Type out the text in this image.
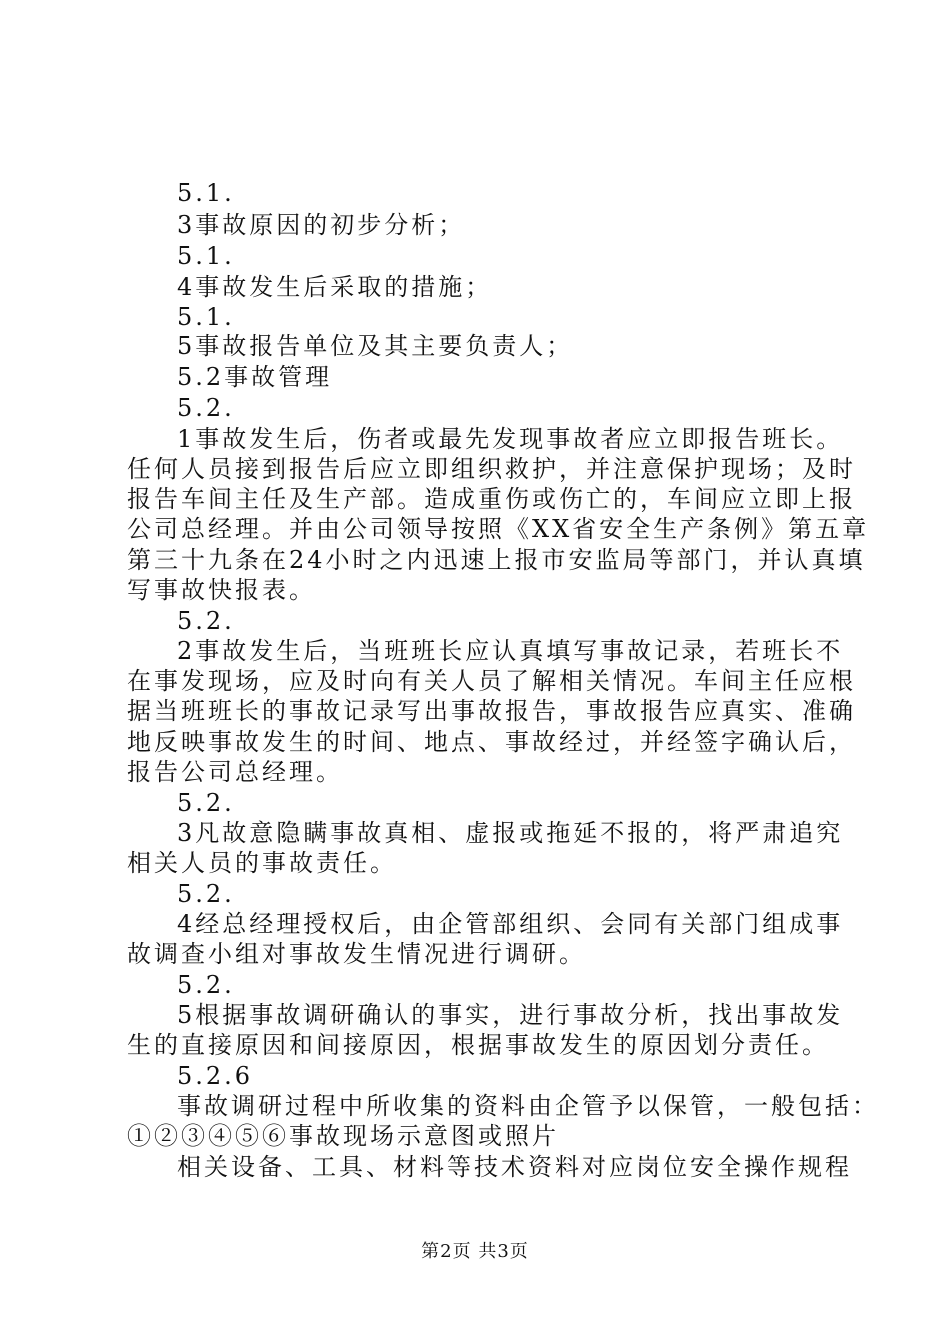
5.1.
3事故原因的初步分析；
5.1.
4事故发生后采取的措施；
5.1.
5事故报告单位及其主要负责人；
5.2事故管理
5.2.
1事故发生后，伤者或最先发现事故者应立即报告班长。
任何人员接到报告后应立即组织救护，并注意保护现场；及时
报告车间主任及生产部。造成重伤或伤亡的，车间应立即上报
公司总经理。并由公司领导按照《XX省安全生产条例》第五章
第三十九条在24小时之内迅速上报市安监局等部门，并认真填
写事故快报表。
5.2.
2事故发生后，当班班长应认真填写事故记录，若班长不
在事发现场，应及时向有关人员了解相关情况。车间主任应根
据当班班长的事故记录写出事故报告，事故报告应真实、准确
地反映事故发生的时间、地点、事故经过，并经签字确认后，
报告公司总经理。
5.2.
3凡故意隐瞒事故真相、虚报或拖延不报的，将严肃追究
相关人员的事故责任。
5.2.
4经总经理授权后，由企管部组织、会同有关部门组成事
故调查小组对事故发生情况进行调研。
5.2.
5根据事故调研确认的事实，进行事故分析，找出事故发
生的直接原因和间接原因，根据事故发生的原因划分责任。
5.2.6
事故调研过程中所收集的资料由企管予以保管，一般包括：
①②③④⑤⑥事故现场示意图或照片
相关设备、工具、材料等技术资料对应岗位安全操作规程
第2页 共3页
